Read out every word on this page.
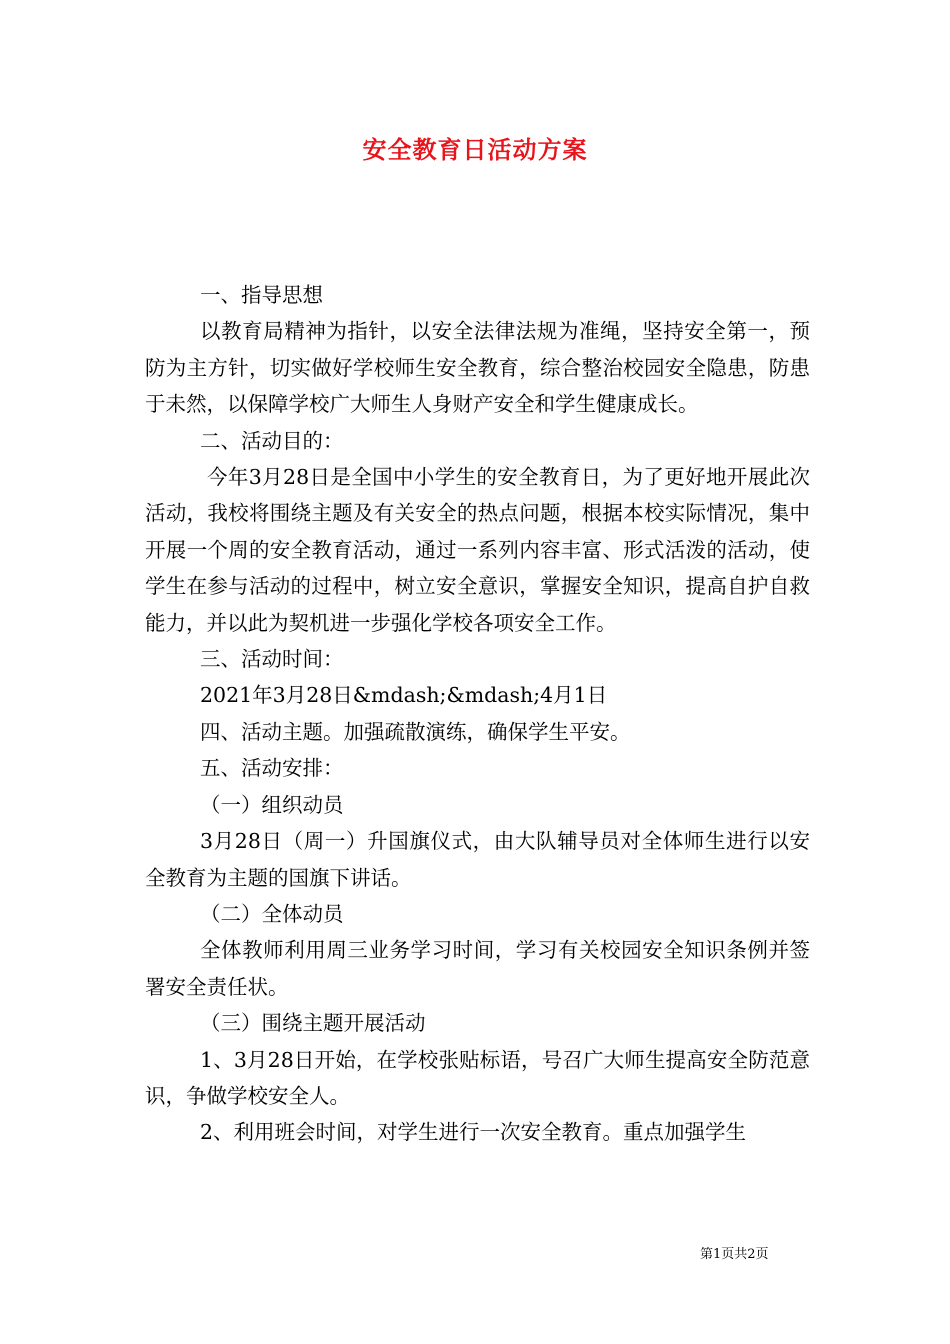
安全教育日活动方案

一、指导思想

以教育局精神为指针，以安全法律法规为准绳，坚持安全第一，预防为主方针，切实做好学校师生安全教育，综合整治校园安全隐患，防患于未然，以保障学校广大师生人身财产安全和学生健康成长。

二、活动目的：

今年3月28日是全国中小学生的安全教育日，为了更好地开展此次活动，我校将围绕主题及有关安全的热点问题，根据本校实际情况，集中开展一个周的安全教育活动，通过一系列内容丰富、形式活泼的活动，使学生在参与活动的过程中，树立安全意识，掌握安全知识，提高自护自救能力，并以此为契机进一步强化学校各项安全工作。

三、活动时间：

2021年3月28日&mdash;&mdash;4月1日

四、活动主题。加强疏散演练，确保学生平安。

五、活动安排：

（一）组织动员

3月28日（周一）升国旗仪式，由大队辅导员对全体师生进行以安全教育为主题的国旗下讲话。

（二）全体动员

全体教师利用周三业务学习时间，学习有关校园安全知识条例并签署安全责任状。

（三）围绕主题开展活动

1、3月28日开始，在学校张贴标语，号召广大师生提高安全防范意识，争做学校安全人。

2、利用班会时间，对学生进行一次安全教育。重点加强学生

第1页共2页
